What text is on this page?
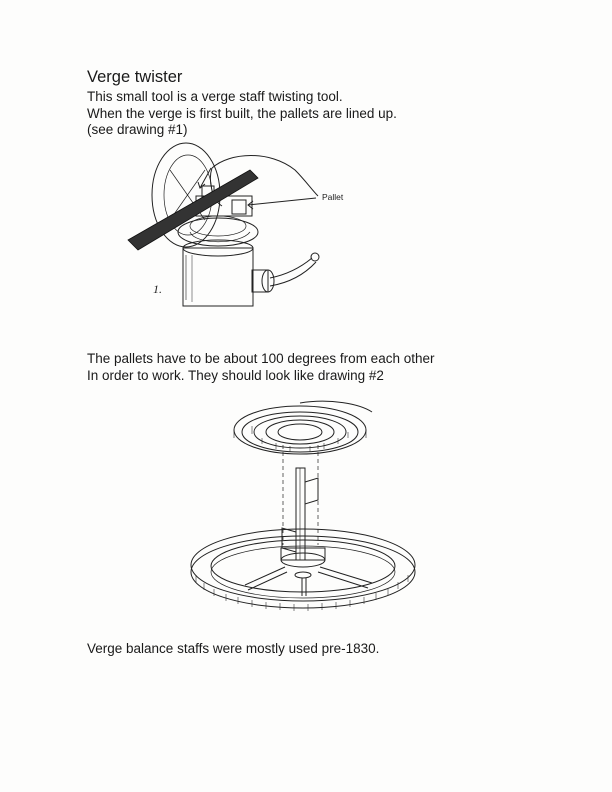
Verge twister
This small tool is a verge staff twisting tool.
When the verge is first built, the pallets are lined up.
(see drawing #1)
Pallet
1.
The pallets have to be about 100 degrees from each other
In order to work. They should look like drawing #2
Verge balance staffs were mostly used pre-1830.
